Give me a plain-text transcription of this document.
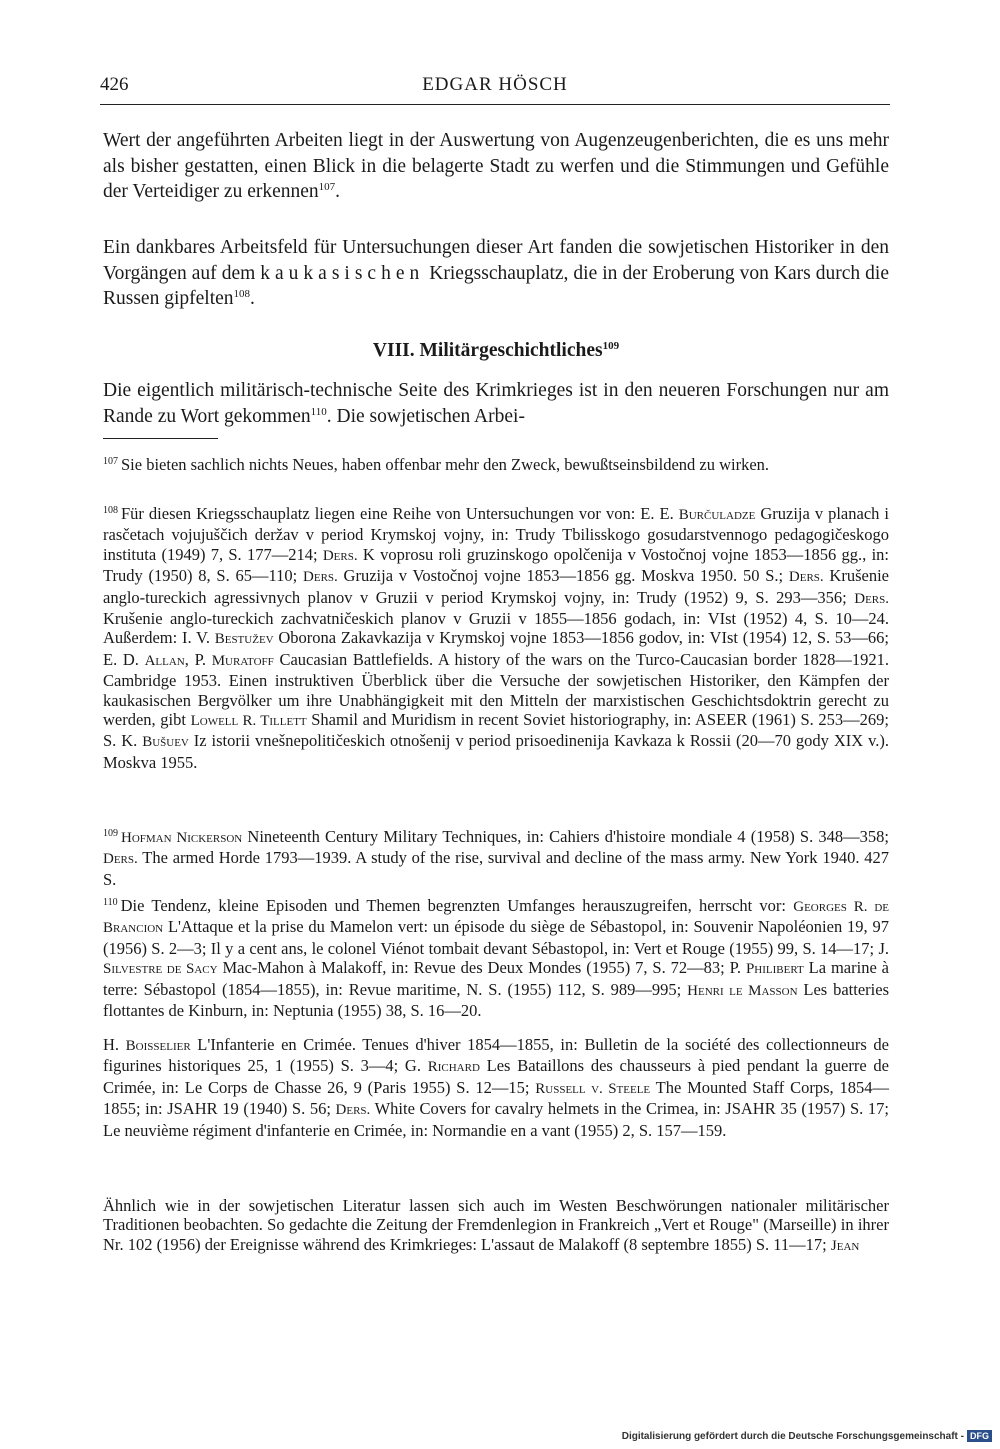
426	EDGAR HÖSCH
Wert der angeführten Arbeiten liegt in der Auswertung von Augenzeugenberichten, die es uns mehr als bisher gestatten, einen Blick in die belagerte Stadt zu werfen und die Stimmungen und Gefühle der Verteidiger zu erkennen$^{107}$.
Ein dankbares Arbeitsfeld für Untersuchungen dieser Art fanden die sowjetischen Historiker in den Vorgängen auf dem kaukasischen Kriegsschauplatz, die in der Eroberung von Kars durch die Russen gipfelten$^{108}$.
VIII. Militärgeschichtliches$^{109}$
Die eigentlich militärisch-technische Seite des Krimkrieges ist in den neueren Forschungen nur am Rande zu Wort gekommen$^{110}$. Die sowjetischen Arbei-
$^{107}$ Sie bieten sachlich nichts Neues, haben offenbar mehr den Zweck, bewußtseinsbildend zu wirken.
$^{108}$ Für diesen Kriegsschauplatz liegen eine Reihe von Untersuchungen vor von: E. E. Burčuladze Gruzija v planach i rasčetach vojujuščich deržav v period Krymskoj vojny, in: Trudy Tbilisskogo gosudarstvennogo pedagogičeskogo instituta (1949) 7, S. 177—214; Ders. K voprosu roli gruzinskogo opolčenija v Vostočnoj vojne 1853—1856 gg., in: Trudy (1950) 8, S. 65—110; Ders. Gruzija v Vostočnoj vojne 1853—1856 gg. Moskva 1950. 50 S.; Ders. Krušenie anglo-tureckich agressivnych planov v Gruzii v period Krymskoj vojny, in: Trudy (1952) 9, S. 293—356; Ders. Krušenie anglo-tureckich zachvatničeskich planov v Gruzii v 1855—1856 godach, in: VIst (1952) 4, S. 10—24. Außerdem: I. V. Bestužev Oborona Zakavkazija v Krymskoj vojne 1853—1856 godov, in: VIst (1954) 12, S. 53—66; E. D. Allan, P. Muratoff Caucasian Battlefields. A history of the wars on the Turco-Caucasian border 1828—1921. Cambridge 1953. Einen instruktiven Überblick über die Versuche der sowjetischen Historiker, den Kämpfen der kaukasischen Bergvölker um ihre Unabhängigkeit mit den Mitteln der marxistischen Geschichtsdoktrin gerecht zu werden, gibt Lowell R. Tillett Shamil and Muridism in recent Soviet historiography, in: ASEER (1961) S. 253—269; S. K. Bušuev Iz istorii vnešnepolitičeskich otnošenij v period prisoedinenija Kavkaza k Rossii (20—70 gody XIX v.). Moskva 1955.
$^{109}$ Hofman Nickerson Nineteenth Century Military Techniques, in: Cahiers d'histoire mondiale 4 (1958) S. 348—358; Ders. The armed Horde 1793—1939. A study of the rise, survival and decline of the mass army. New York 1940. 427 S.
$^{110}$ Die Tendenz, kleine Episoden und Themen begrenzten Umfanges herauszugreifen, herrscht vor: Georges R. de Brancion L'Attaque et la prise du Mamelon vert: un épisode du siège de Sébastopol, in: Souvenir Napoléonien 19, 97 (1956) S. 2—3; Il y a cent ans, le colonel Viénot tombait devant Sébastopol, in: Vert et Rouge (1955) 99, S. 14—17; J. Silvestre de Sacy Mac-Mahon à Malakoff, in: Revue des Deux Mondes (1955) 7, S. 72—83; P. Philibert La marine à terre: Sébastopol (1854—1855), in: Revue maritime, N. S. (1955) 112, S. 989—995; Henri le Masson Les batteries flottantes de Kinburn, in: Neptunia (1955) 38, S. 16—20.
H. Boisselier L'Infanterie en Crimée. Tenues d'hiver 1854—1855, in: Bulletin de la société des collectionneurs de figurines historiques 25, 1 (1955) S. 3—4; G. Richard Les Bataillons des chausseurs à pied pendant la guerre de Crimée, in: Le Corps de Chasse 26, 9 (Paris 1955) S. 12—15; Russell v. Steele The Mounted Staff Corps, 1854—1855; in: JSAHR 19 (1940) S. 56; Ders. White Covers for cavalry helmets in the Crimea, in: JSAHR 35 (1957) S. 17; Le neuvième régiment d'infanterie en Crimée, in: Normandie en a vant (1955) 2, S. 157—159.
Ähnlich wie in der sowjetischen Literatur lassen sich auch im Westen Beschwörungen nationaler militärischer Traditionen beobachten. So gedachte die Zeitung der Fremdenlegion in Frankreich „Vert et Rouge" (Marseille) in ihrer Nr. 102 (1956) der Ereignisse während des Krimkrieges: L'assaut de Malakoff (8 septembre 1855) S. 11—17; Jean
Digitalisierung gefördert durch die Deutsche Forschungsgemeinschaft - DFG
